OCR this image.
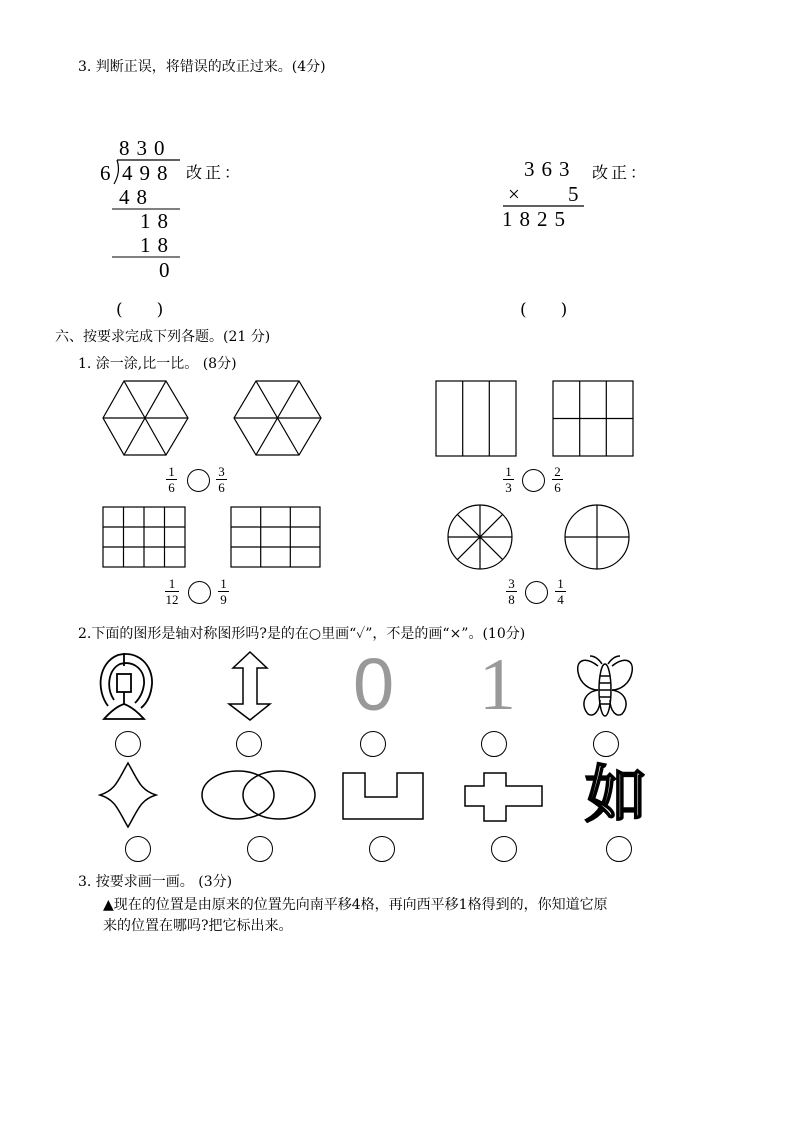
3. 判断正误，将错误的改正过来。(4分)
830
6 498
48
18
18
0
改正：
(　　)
363 改正：
× 5
1825
(　　)
六、按要求完成下列各题。(21 分)
1. 涂一涂,比一比。 (8分)
1
6
3
6
1
3
2
6
1
12
1
9
3
8
1
4
2.下面的图形是轴对称图形吗?是的在○里画“✓”，不是的画“×”。(10分)
0 1
如
3. 按要求画一画。 (3分)
▲现在的位置是由原来的位置先向南平移4格，再向西平移1格得到的，你知道它原
来的位置在哪吗?把它标出来。
